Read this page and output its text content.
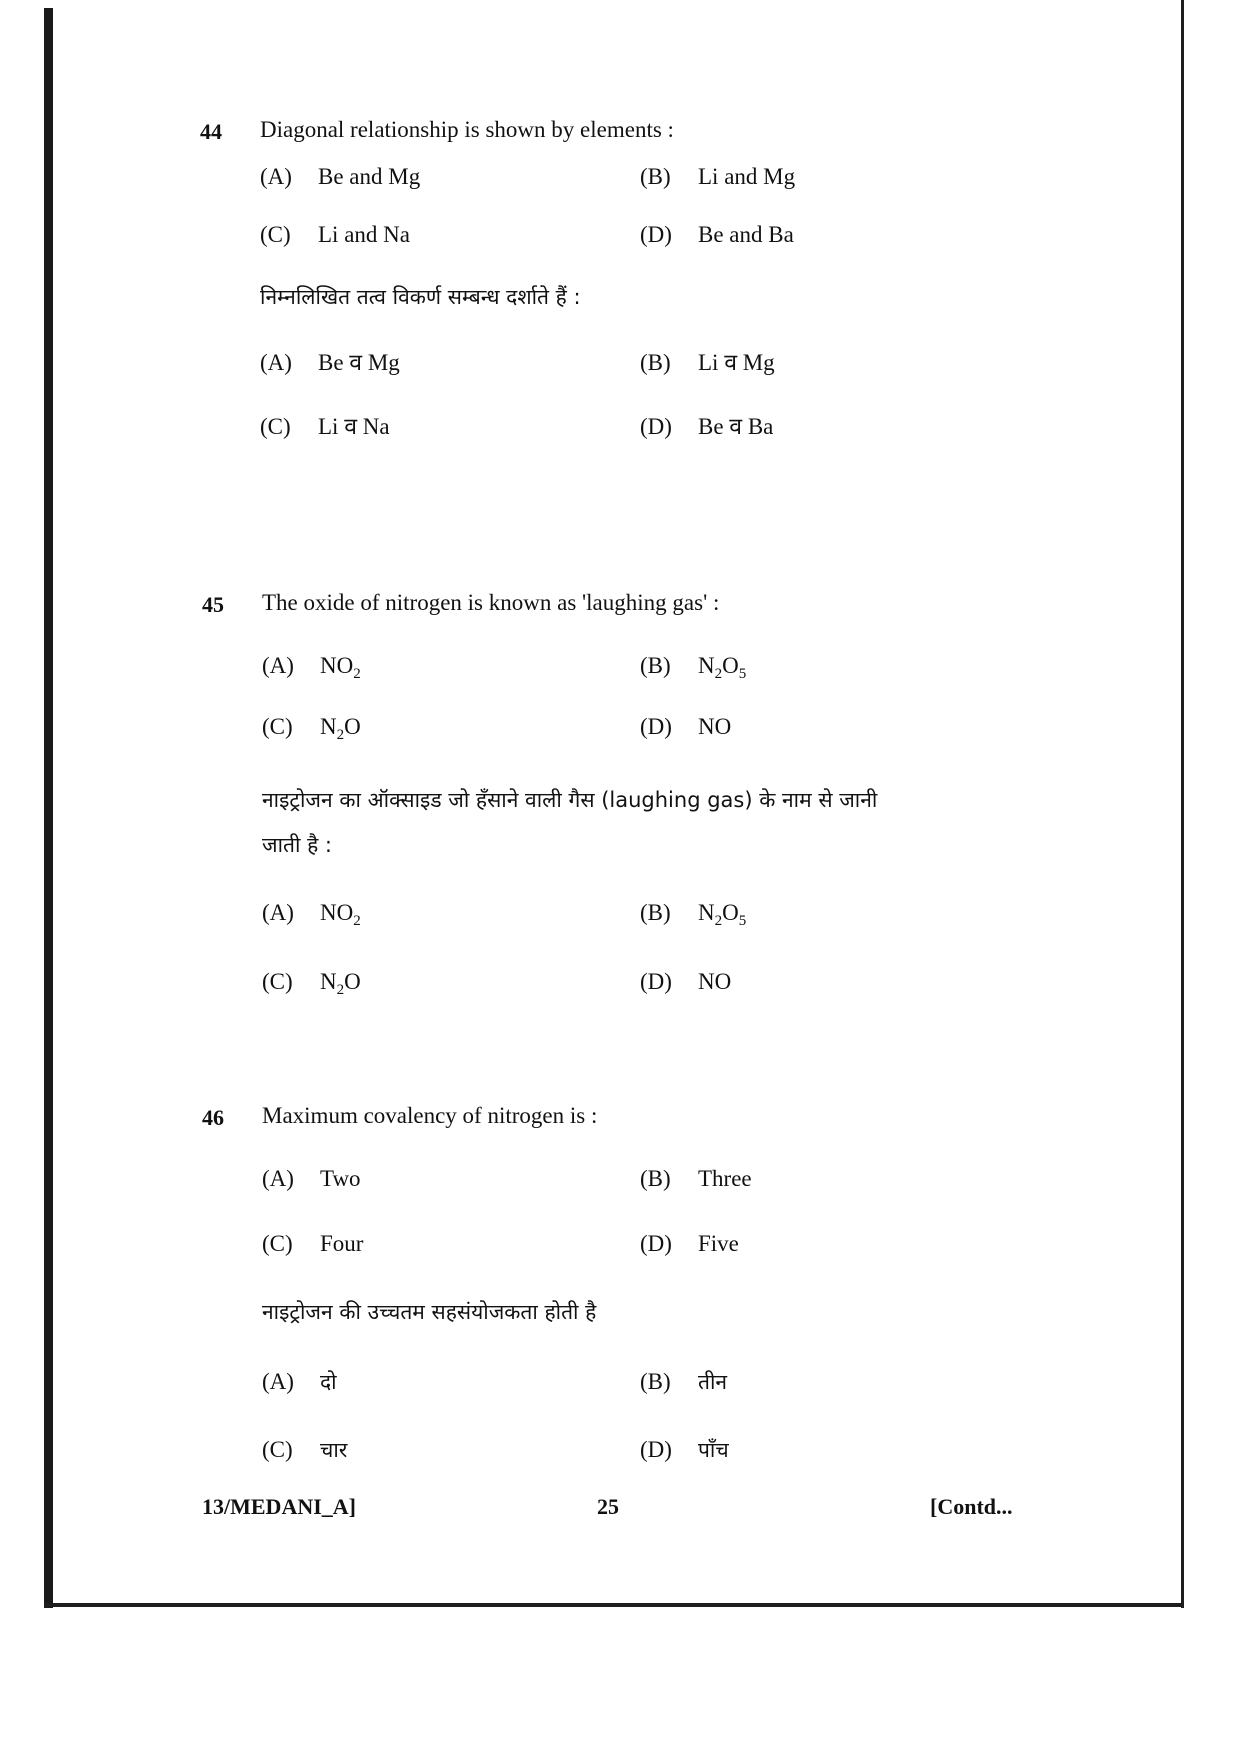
44 Diagonal relationship is shown by elements :
(A) Be and Mg	(B) Li and Mg
(C) Li and Na	(D) Be and Ba
निम्नलिखित तत्व विकर्ण सम्बन्ध दर्शाते हैं :
(A) Be व Mg	(B) Li व Mg
(C) Li व Na	(D) Be व Ba
45 The oxide of nitrogen is known as 'laughing gas' :
(A) $NO_2$	(B) $N_2O_5$
(C) $N_2O$	(D) NO
नाइट्रोजन का ऑक्साइड जो हँसाने वाली गैस (laughing gas) के नाम से जानी
जाती है :
(A) $NO_2$	(B) $N_2O_5$
(C) $N_2O$	(D) NO
46 Maximum covalency of nitrogen is :
(A) Two	(B) Three
(C) Four	(D) Five
नाइट्रोजन की उच्चतम सहसंयोजकता होती है
(A) दो	(B) तीन
(C) चार	(D) पाँच
13/MEDANI_A]	25	[Contd...
